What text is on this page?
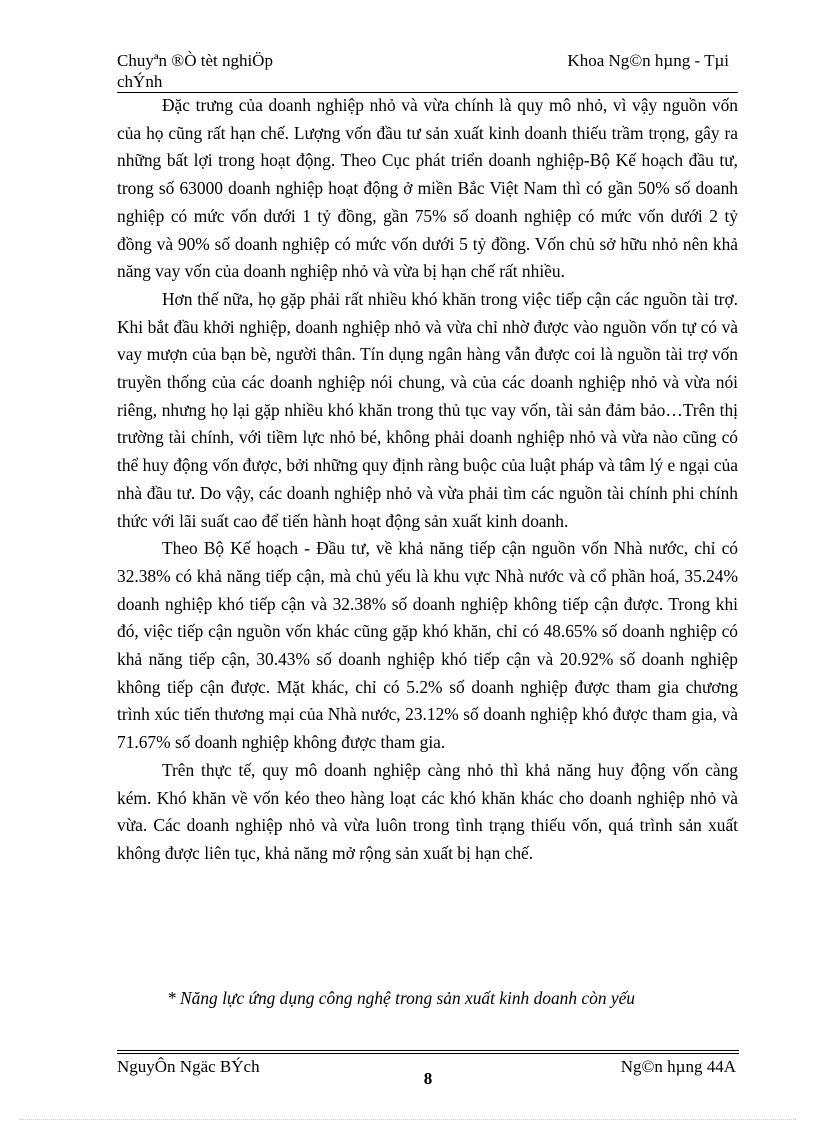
Chuyªn ®Ò tèt nghiÖp
chÝnh
Khoa Ng©n hµng - Tµi

Đặc trưng của doanh nghiệp nhỏ và vừa chính là quy mô nhỏ, vì vậy nguồn vốn của họ cũng rất hạn chế. Lượng vốn đầu tư sản xuất kinh doanh thiếu trầm trọng, gây ra những bất lợi trong hoạt động. Theo Cục phát triển doanh nghiệp-Bộ Kế hoạch đầu tư, trong số 63000 doanh nghiệp hoạt động ở miền Bắc Việt Nam thì có gần 50% số doanh nghiệp có mức vốn dưới 1 tỷ đồng, gần 75% số doanh nghiệp có mức vốn dưới 2 tỷ đồng và 90% số doanh nghiệp có mức vốn dưới 5 tỷ đồng. Vốn chủ sở hữu nhỏ nên khả năng vay vốn của doanh nghiệp nhỏ và vừa bị hạn chế rất nhiều.

Hơn thế nữa, họ gặp phải rất nhiều khó khăn trong việc tiếp cận các nguồn tài trợ. Khi bắt đầu khởi nghiệp, doanh nghiệp nhỏ và vừa chỉ nhờ được vào nguồn vốn tự có và vay mượn của bạn bè, người thân. Tín dụng ngân hàng vẫn được coi là nguồn tài trợ vốn truyền thống của các doanh nghiệp nói chung, và của các doanh nghiệp nhỏ và vừa nói riêng, nhưng họ lại gặp nhiều khó khăn trong thủ tục vay vốn, tài sản đảm bảo…Trên thị trường tài chính, với tiềm lực nhỏ bé, không phải doanh nghiệp nhỏ và vừa nào cũng có thể huy động vốn được, bởi những quy định ràng buộc của luật pháp và tâm lý e ngại của nhà đầu tư. Do vậy, các doanh nghiệp nhỏ và vừa phải tìm các nguồn tài chính phi chính thức với lãi suất cao để tiến hành hoạt động sản xuất kinh doanh.

Theo Bộ Kế hoạch - Đầu tư, về khả năng tiếp cận nguồn vốn Nhà nước, chỉ có 32.38% có khả năng tiếp cận, mà chủ yếu là khu vực Nhà nước và cổ phần hoá, 35.24% doanh nghiệp khó tiếp cận và 32.38% số doanh nghiệp không tiếp cận được. Trong khi đó, việc tiếp cận nguồn vốn khác cũng gặp khó khăn, chỉ có 48.65% số doanh nghiệp có khả năng tiếp cận, 30.43% số doanh nghiệp khó tiếp cận và 20.92% số doanh nghiệp không tiếp cận được. Mặt khác, chỉ có 5.2% số doanh nghiệp được tham gia chương trình xúc tiến thương mại của Nhà nước, 23.12% số doanh nghiệp khó được tham gia, và 71.67% số doanh nghiệp không được tham gia.

Trên thực tế, quy mô doanh nghiệp càng nhỏ thì khả năng huy động vốn càng kém. Khó khăn về vốn kéo theo hàng loạt các khó khăn khác cho doanh nghiệp nhỏ và vừa. Các doanh nghiệp nhỏ và vừa luôn trong tình trạng thiếu vốn, quá trình sản xuất không được liên tục, khả năng mở rộng sản xuất bị hạn chế.

* Năng lực ứng dụng công nghệ trong sản xuất kinh doanh còn yếu
NguyÔn Ngäc BÝch	Ng©n hµng 44A
8
